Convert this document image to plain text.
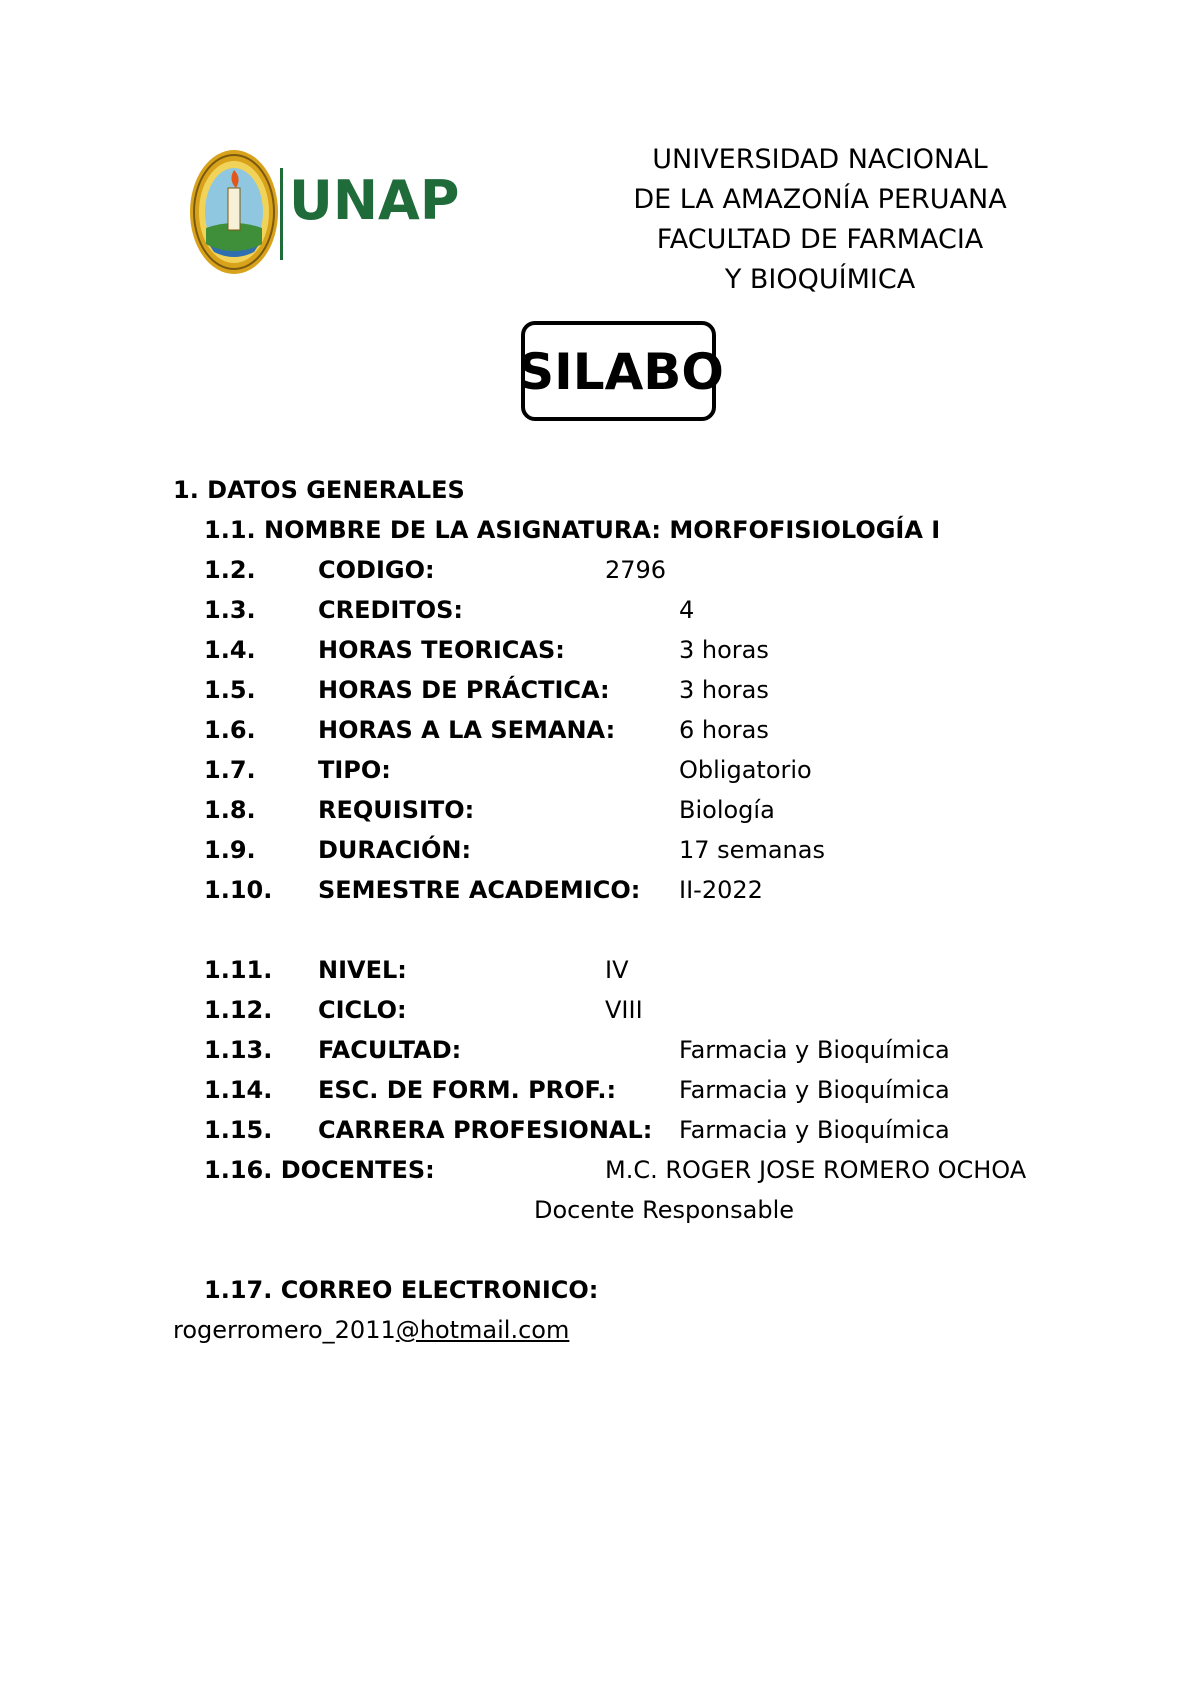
UNAP
UNIVERSIDAD NACIONAL
DE LA AMAZONÍA PERUANA
FACULTAD DE FARMACIA
Y BIOQUÍMICA
SILABO
1. DATOS GENERALES
1.1. NOMBRE DE LA ASIGNATURA: MORFOFISIOLOGÍA I
1.2.	CODIGO:	2796
1.3.	CREDITOS:	4
1.4.	HORAS TEORICAS:	3 horas
1.5.	HORAS DE PRÁCTICA:	3 horas
1.6.	HORAS A LA SEMANA:	6 horas
1.7.	TIPO:	Obligatorio
1.8.	REQUISITO:	Biología
1.9.	DURACIÓN:	17 semanas
1.10. SEMESTRE ACADEMICO: II-2022
1.11. NIVEL:	IV
1.12. CICLO:	VIII
1.13. FACULTAD:	Farmacia y Bioquímica
1.14. ESC. DE FORM. PROF.:	Farmacia y Bioquímica
1.15. CARRERA PROFESIONAL: Farmacia y Bioquímica
1.16. DOCENTES:	M.C. ROGER JOSE ROMERO OCHOA
Docente Responsable
1.17. CORREO ELECTRONICO:
rogerromero_2011@hotmail.com
